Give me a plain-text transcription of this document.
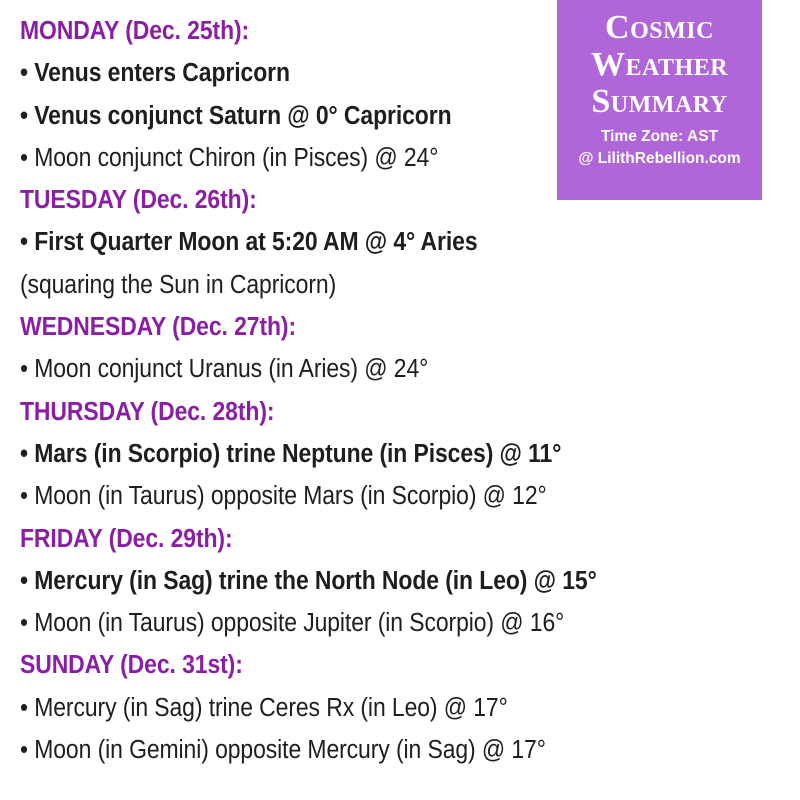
MONDAY (Dec. 25th):
• Venus enters Capricorn
• Venus conjunct Saturn @ 0° Capricorn
• Moon conjunct Chiron (in Pisces) @ 24°
TUESDAY (Dec. 26th):
• First Quarter Moon at 5:20 AM @ 4° Aries
(squaring the Sun in Capricorn)
WEDNESDAY (Dec. 27th):
• Moon conjunct Uranus (in Aries) @ 24°
THURSDAY (Dec. 28th):
• Mars (in Scorpio) trine Neptune (in Pisces) @ 11°
• Moon (in Taurus) opposite Mars (in Scorpio) @ 12°
FRIDAY (Dec. 29th):
• Mercury (in Sag) trine the North Node (in Leo) @ 15°
• Moon (in Taurus) opposite Jupiter (in Scorpio) @ 16°
SUNDAY (Dec. 31st):
• Mercury (in Sag) trine Ceres Rx (in Leo) @ 17°
• Moon (in Gemini) opposite Mercury (in Sag) @ 17°
Cosmic
Weather
Summary
Time Zone: AST
@ LilithRebellion.com
